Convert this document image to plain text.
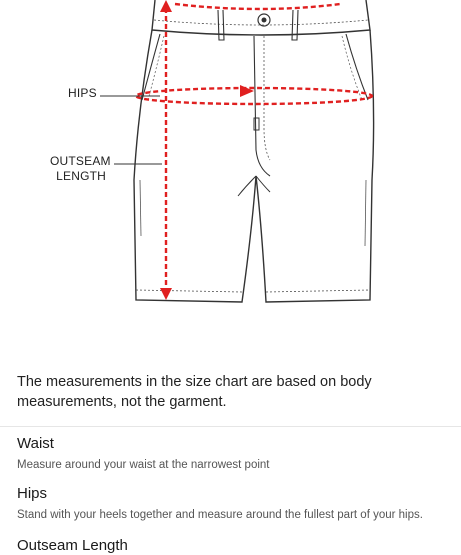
HIPS
OUTSEAM
LENGTH
The measurements in the size chart are based on body measurements, not the garment.
Waist
Measure around your waist at the narrowest point
Hips
Stand with your heels together and measure around the fullest part of your hips.
Outseam Length
